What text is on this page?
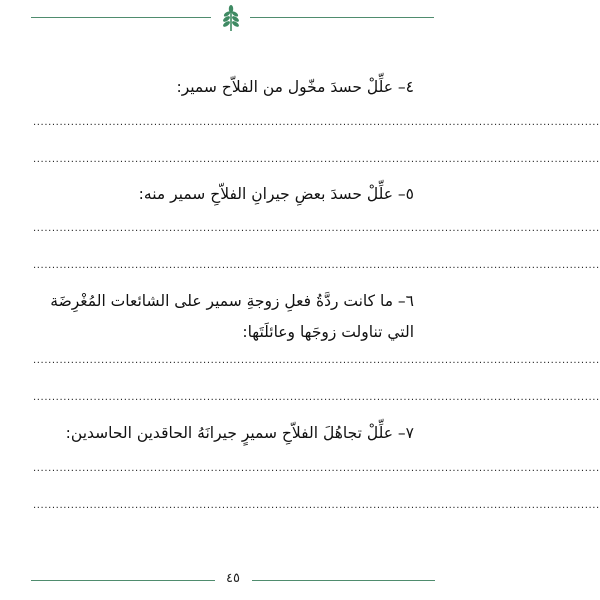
٤– علِّلْ حسدَ مخّول من الفلاّح سمير:
......................................................................................................................................................
......................................................................................................................................................
٥– علِّلْ حسدَ بعضِ جيرانِ الفلاّحِ سمير منه:
......................................................................................................................................................
......................................................................................................................................................
٦– ما كانت ردَّةُ فعلِ زوجةِ سمير على الشائعات المُغْرِضَة
التي تناولت زوجَها وعائلَتَها:
......................................................................................................................................................
......................................................................................................................................................
٧– علِّلْ تجاهُلَ الفلاّحِ سميرٍ جيرانَهُ الحاقدين الحاسدين:
......................................................................................................................................................
......................................................................................................................................................
٤٥
